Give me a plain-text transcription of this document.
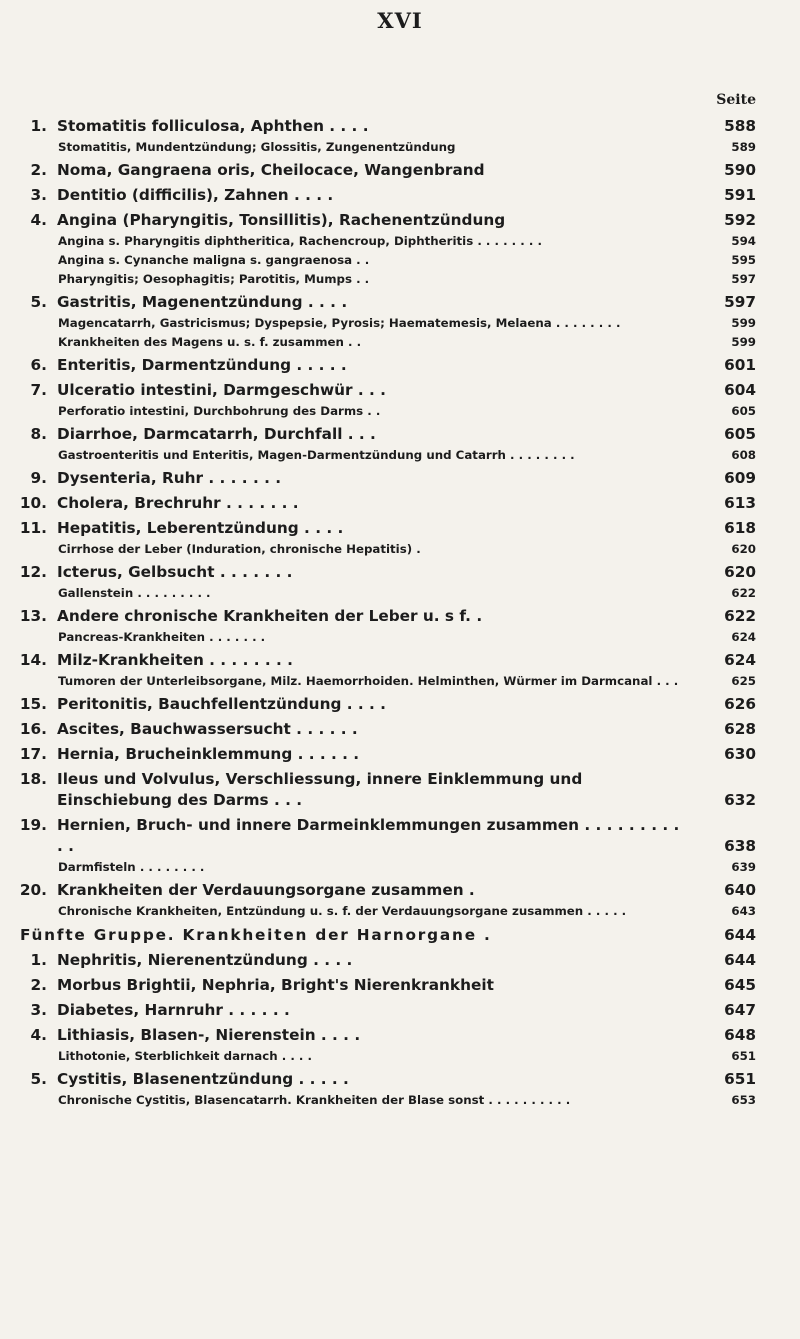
XVI
Seite
1. Stomatitis folliculosa, Aphthen . . . .	588
Stomatitis, Mundentzündung; Glossitis, Zungenentzündung	589
2. Noma, Gangraena oris, Cheilocace, Wangenbrand	590
3. Dentitio (difficilis), Zahnen . . . .	591
4. Angina (Pharyngitis, Tonsillitis), Rachenentzündung	592
Angina s. Pharyngitis diphtheritica, Rachencroup, Diphtheritis . . . . . . . .	594
Angina s. Cynanche maligna s. gangraenosa . .	595
Pharyngitis; Oesophagitis; Parotitis, Mumps . .	597
5. Gastritis, Magenentzündung . . . .	597
Magencatarrh, Gastricismus; Dyspepsie, Pyrosis; Haematemesis, Melaena . . . . . . . .	599
Krankheiten des Magens u. s. f. zusammen . .	599
6. Enteritis, Darmentzündung . . . . .	601
7. Ulceratio intestini, Darmgeschwür . . .	604
Perforatio intestini, Durchbohrung des Darms . .	605
8. Diarrhoe, Darmcatarrh, Durchfall . . .	605
Gastroenteritis und Enteritis, Magen-Darmentzündung und Catarrh . . . . . . . .	608
9. Dysenteria, Ruhr . . . . . . .	609
10. Cholera, Brechruhr . . . . . . .	613
11. Hepatitis, Leberentzündung . . . .	618
Cirrhose der Leber (Induration, chronische Hepatitis) .	620
12. Icterus, Gelbsucht . . . . . . .	620
Gallenstein . . . . . . . . .	622
13. Andere chronische Krankheiten der Leber u. s f. .	622
Pancreas-Krankheiten . . . . . . .	624
14. Milz-Krankheiten . . . . . . . .	624
Tumoren der Unterleibsorgane, Milz. Haemorrhoiden. Helminthen, Würmer im Darmcanal . . .	625
15. Peritonitis, Bauchfellentzündung . . . .	626
16. Ascites, Bauchwassersucht . . . . . .	628
17. Hernia, Brucheinklemmung . . . . . .	630
18. Ileus und Volvulus, Verschliessung, innere Einklemmung und Einschiebung des Darms . . .	632
19. Hernien, Bruch- und innere Darmeinklemmungen zusammen . . . . . . . . . . .	638
Darmfisteln . . . . . . . .	639
20. Krankheiten der Verdauungsorgane zusammen .	640
Chronische Krankheiten, Entzündung u. s. f. der Verdauungsorgane zusammen . . . . .	643
Fünfte Gruppe. Krankheiten der Harnorgane .	644
1. Nephritis, Nierenentzündung . . . .	644
2. Morbus Brightii, Nephria, Bright's Nierenkrankheit	645
3. Diabetes, Harnruhr . . . . . .	647
4. Lithiasis, Blasen-, Nierenstein . . . .	648
Lithotonie, Sterblichkeit darnach . . . .	651
5. Cystitis, Blasenentzündung . . . . .	651
Chronische Cystitis, Blasencatarrh. Krankheiten der Blase sonst . . . . . . . . . .	653
